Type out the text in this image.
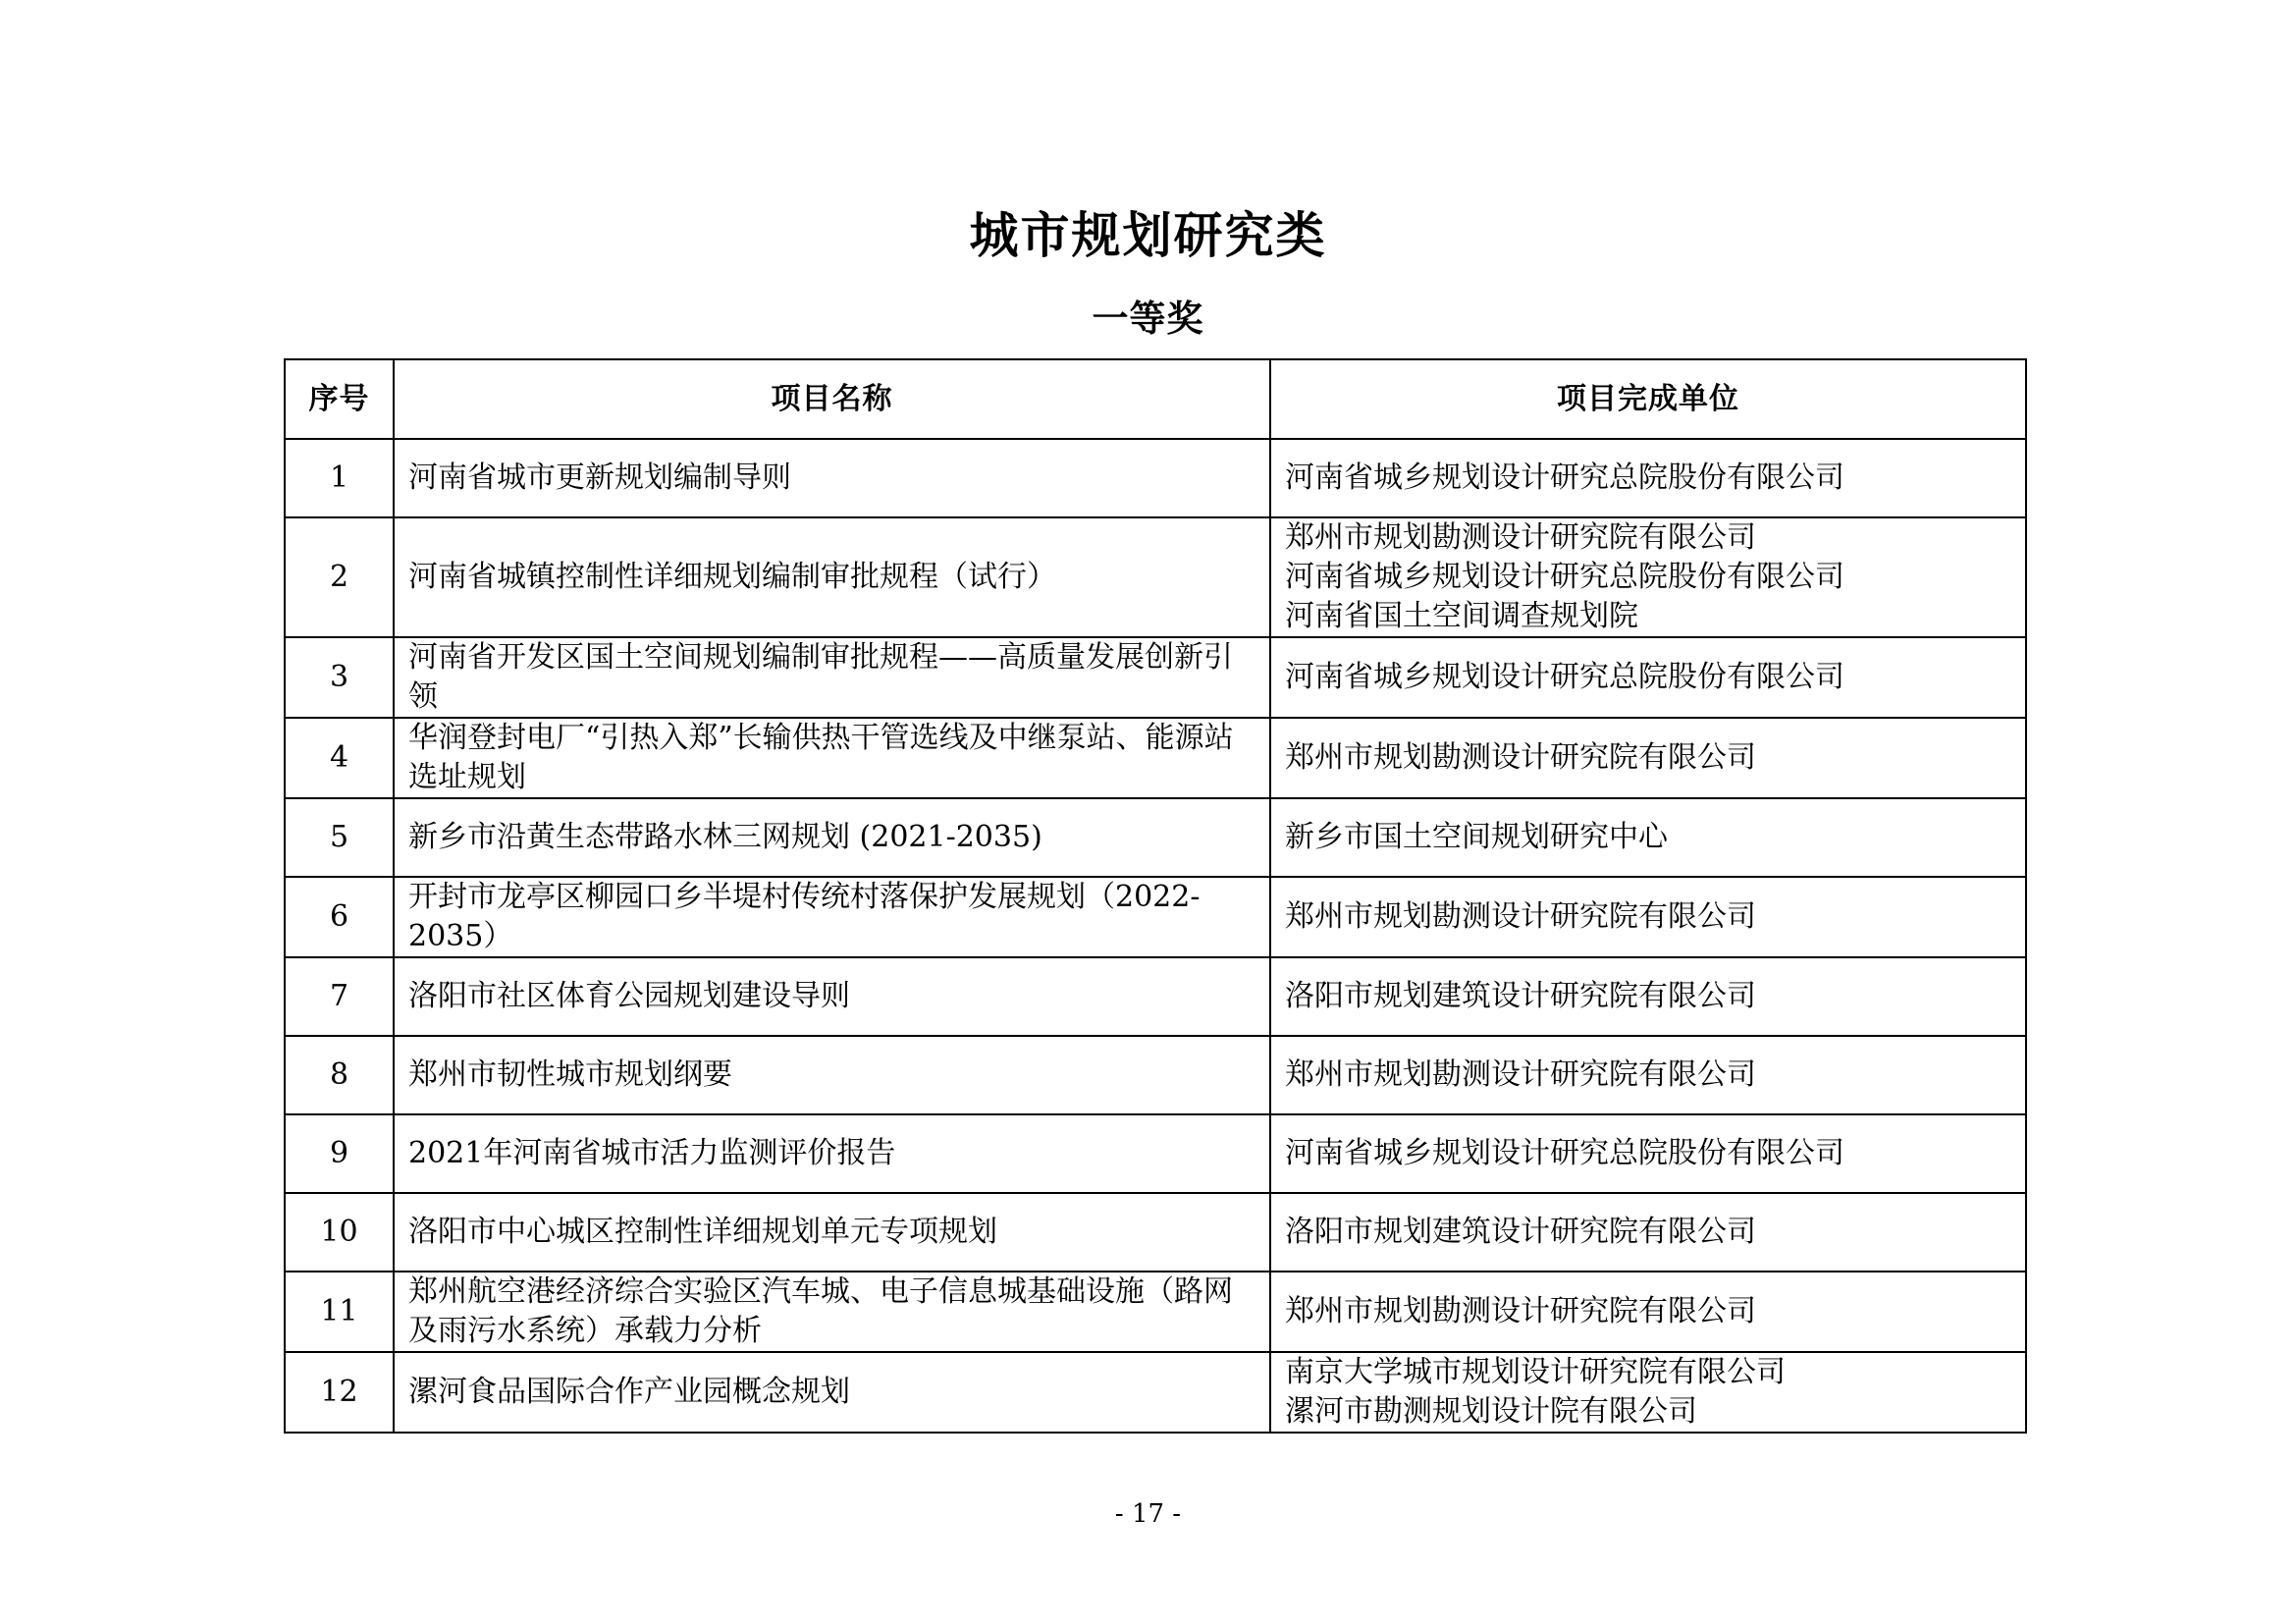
城市规划研究类
一等奖
序号	项目名称	项目完成单位
1	河南省城市更新规划编制导则	河南省城乡规划设计研究总院股份有限公司

2	河南省城镇控制性详细规划编制审批规程（试行）	郑州市规划勘测设计研究院有限公司
河南省城乡规划设计研究总院股份有限公司
河南省国土空间调查规划院

3	河南省开发区国土空间规划编制审批规程——高质量发展创新引领	河南省城乡规划设计研究总院股份有限公司

4	华润登封电厂“引热入郑”长输供热干管选线及中继泵站、能源站选址规划	郑州市规划勘测设计研究院有限公司

5	新乡市沿黄生态带路水林三网规划 (2021-2035)	新乡市国土空间规划研究中心

6	开封市龙亭区柳园口乡半堤村传统村落保护发展规划（2022-2035）	郑州市规划勘测设计研究院有限公司

7	洛阳市社区体育公园规划建设导则	洛阳市规划建筑设计研究院有限公司

8	郑州市韧性城市规划纲要	郑州市规划勘测设计研究院有限公司

9	2021年河南省城市活力监测评价报告	河南省城乡规划设计研究总院股份有限公司

10	洛阳市中心城区控制性详细规划单元专项规划	洛阳市规划建筑设计研究院有限公司

11	郑州航空港经济综合实验区汽车城、电子信息城基础设施（路网及雨污水系统）承载力分析	郑州市规划勘测设计研究院有限公司

12	漯河食品国际合作产业园概念规划	南京大学城市规划设计研究院有限公司
漯河市勘测规划设计院有限公司
- 17 -
